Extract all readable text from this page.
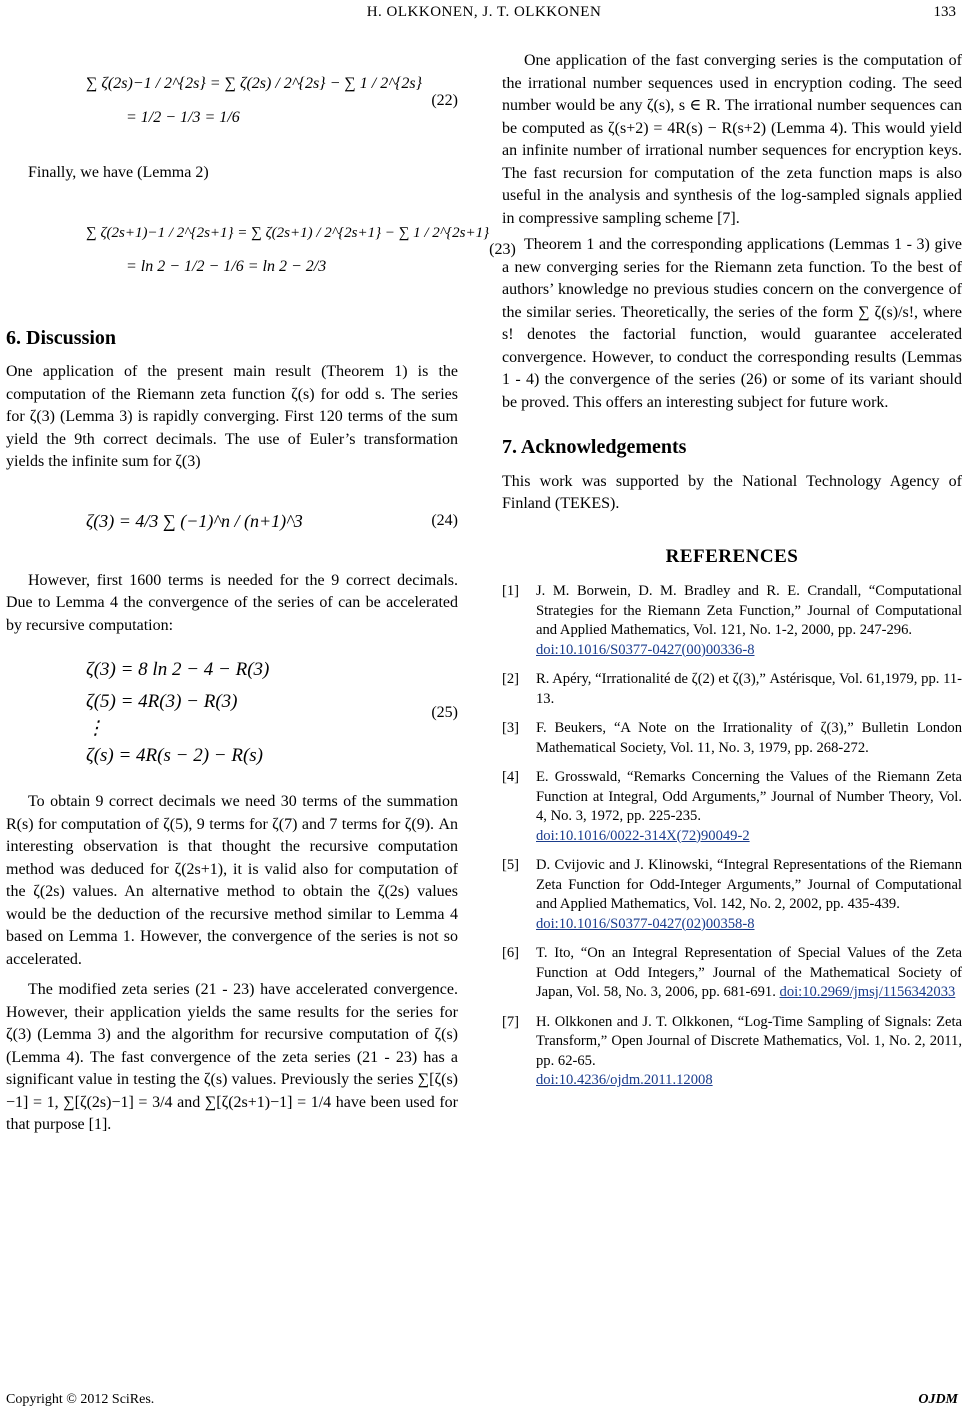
H. OLKKONEN, J. T. OLKKONEN	133
∑ ζ(2s)−1 / 2^{2s} = ∑ ζ(2s) / 2^{2s} − ∑ 1 / 2^{2s}
= 1/2 − 1/3 = 1/6
(22)

Finally, we have (Lemma 2)

∑ ζ(2s+1)−1 / 2^{2s+1} = ∑ ζ(2s+1) / 2^{2s+1} − ∑ 1 / 2^{2s+1}
= ln 2 − 1/2 − 1/6 = ln 2 − 2/3
(23)
6. Discussion

One application of the present main result (Theorem 1) is the computation of the Riemann zeta function ζ(s) for odd s. The series for ζ(3) (Lemma 3) is rapidly converging. First 120 terms of the sum yield the 9th correct decimals. The use of Euler’s transformation yields the infinite sum for ζ(3)

ζ(3) = 4/3 ∑ (−1)^n / (n+1)^3	(24)

However, first 1600 terms is needed for the 9 correct decimals. Due to Lemma 4 the convergence of the series of can be accelerated by recursive computation:

ζ(3) = 8 ln 2 − 4 − R(3)
ζ(5) = 4R(3) − R(3)
⋮
ζ(s) = 4R(s − 2) − R(s)
(25)

To obtain 9 correct decimals we need 30 terms of the summation R(s) for computation of ζ(5), 9 terms for ζ(7) and 7 terms for ζ(9). An interesting observation is that thought the recursive computation method was deduced for ζ(2s+1), it is valid also for computation of the ζ(2s) values. An alternative method to obtain the ζ(2s) values would be the deduction of the recursive method similar to Lemma 4 based on Lemma 1. However, the convergence of the series is not so accelerated.

The modified zeta series (21 - 23) have accelerated convergence. However, their application yields the same results for the series for ζ(3) (Lemma 3) and the algorithm for recursive computation of ζ(s) (Lemma 4). The fast convergence of the zeta series (21 - 23) has a significant value in testing the ζ(s) values. Previously the series ∑[ζ(s)−1] = 1, ∑[ζ(2s)−1] = 3/4 and ∑[ζ(2s+1)−1] = 1/4 have been used for that purpose [1].

One application of the fast converging series is the computation of the irrational number sequences used in encryption coding. The seed number would be any ζ(s), s ∈ R. The irrational number sequences can be computed as ζ(s+2) = 4R(s) − R(s+2) (Lemma 4). This would yield an infinite number of irrational number sequences for encryption keys. The fast recursion for computation of the zeta function maps is also useful in the analysis and synthesis of the log-sampled signals applied in compressive sampling scheme [7].

Theorem 1 and the corresponding applications (Lemmas 1 - 3) give a new converging series for the Riemann zeta function. To the best of authors’ knowledge no previous studies concern on the convergence of the similar series. Theoretically, the series of the form ∑ ζ(s)/s!, where s! denotes the factorial function, would guarantee accelerated convergence. However, to conduct the corresponding results (Lemmas 1 - 4) the convergence of the series (26) or some of its variant should be proved. This offers an interesting subject for future work.

7. Acknowledgements

This work was supported by the National Technology Agency of Finland (TEKES).

REFERENCES
[1]	J. M. Borwein, D. M. Bradley and R. E. Crandall, “Computational Strategies for the Riemann Zeta Function,” Journal of Computational and Applied Mathematics, Vol. 121, No. 1-2, 2000, pp. 247-296.
doi:10.1016/S0377-0427(00)00336-8
[2]	R. Apéry, “Irrationalité de ζ(2) et ζ(3),” Astérisque, Vol. 61,1979, pp. 11-13.
[3]	F. Beukers, “A Note on the Irrationality of ζ(3),” Bulletin London Mathematical Society, Vol. 11, No. 3, 1979, pp. 268-272.
[4]	E. Grosswald, “Remarks Concerning the Values of the Riemann Zeta Function at Integral, Odd Arguments,” Journal of Number Theory, Vol. 4, No. 3, 1972, pp. 225-235.
doi:10.1016/0022-314X(72)90049-2
[5]	D. Cvijovic and J. Klinowski, “Integral Representations of the Riemann Zeta Function for Odd-Integer Arguments,” Journal of Computational and Applied Mathematics, Vol. 142, No. 2, 2002, pp. 435-439.
doi:10.1016/S0377-0427(02)00358-8
[6]	T. Ito, “On an Integral Representation of Special Values of the Zeta Function at Odd Integers,” Journal of the Mathematical Society of Japan, Vol. 58, No. 3, 2006, pp. 681-691. doi:10.2969/jmsj/1156342033
[7]	H. Olkkonen and J. T. Olkkonen, “Log-Time Sampling of Signals: Zeta Transform,” Open Journal of Discrete Mathematics, Vol. 1, No. 2, 2011, pp. 62-65.
doi:10.4236/ojdm.2011.12008
Copyright © 2012 SciRes.	OJDM
